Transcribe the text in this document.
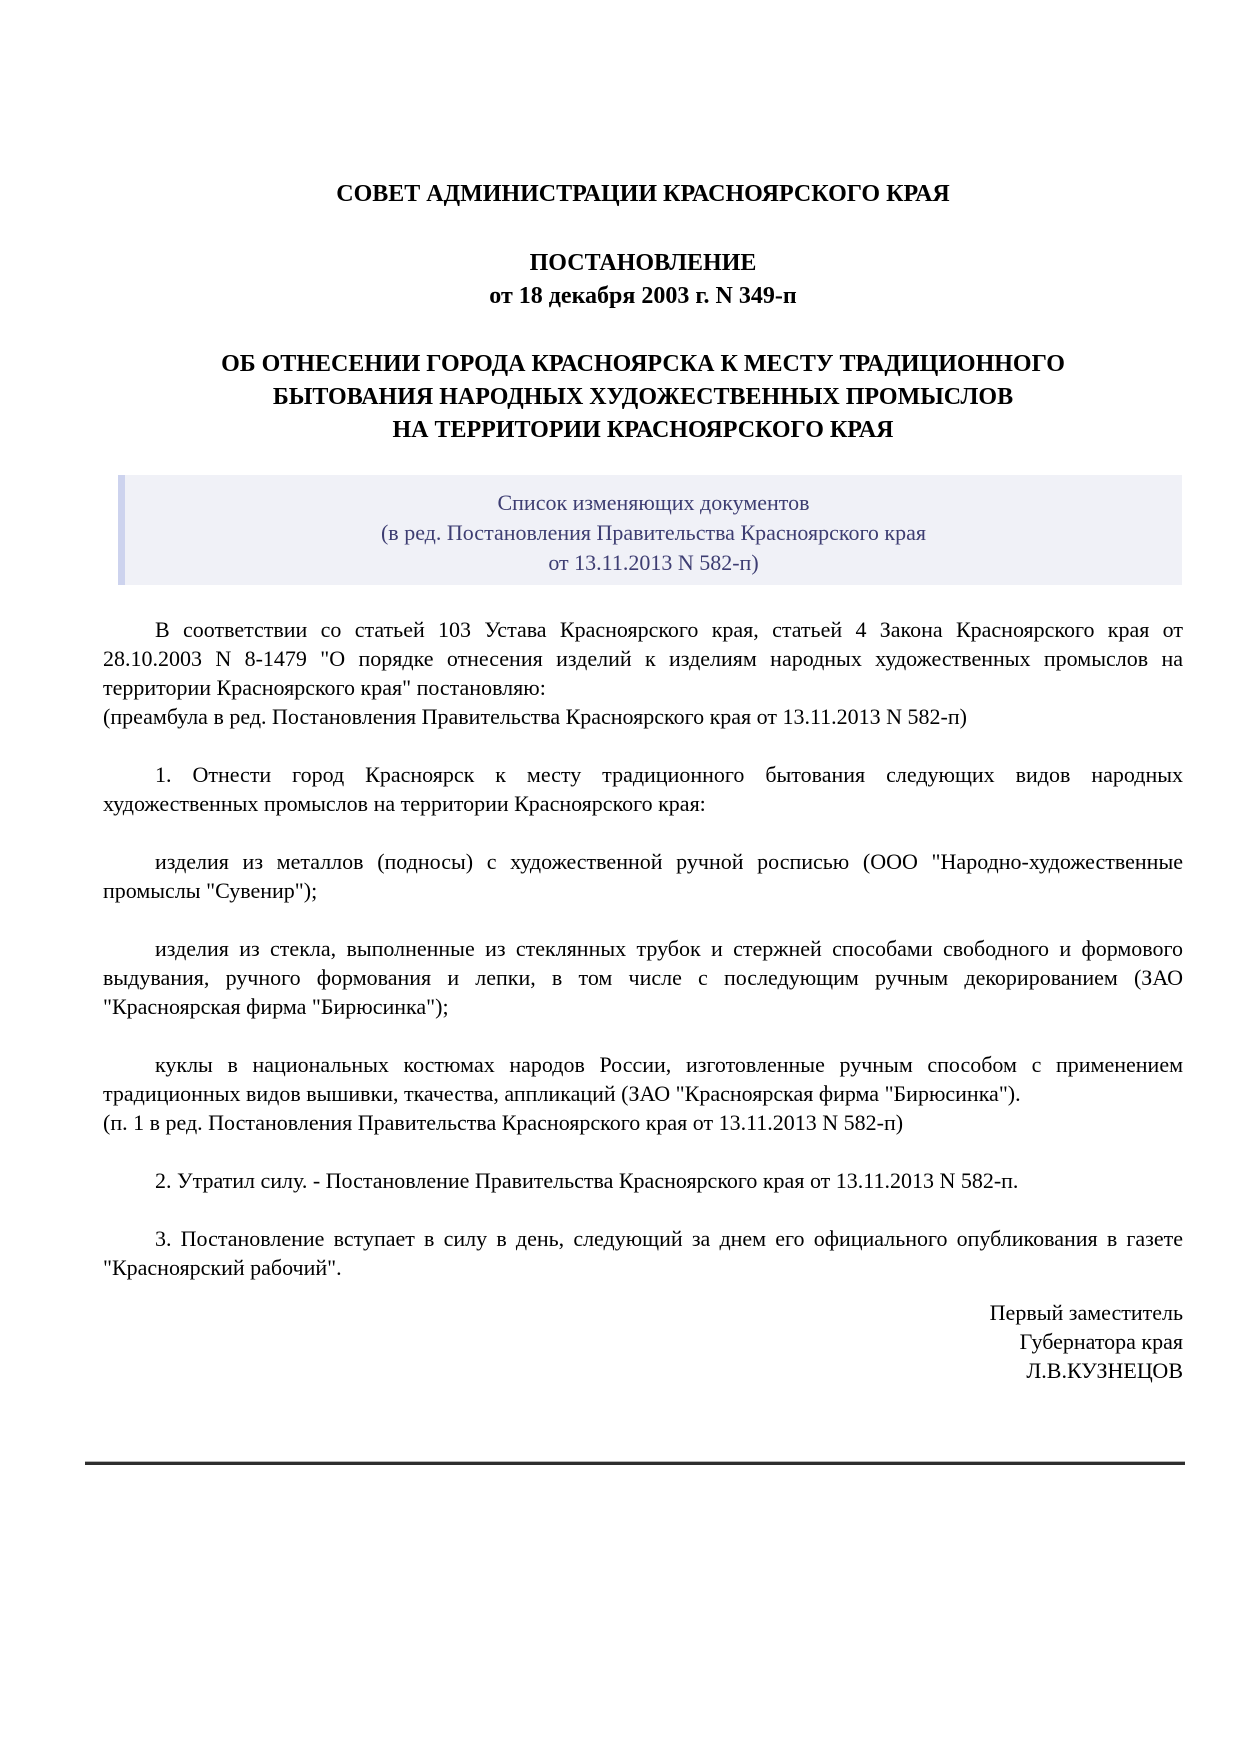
СОВЕТ АДМИНИСТРАЦИИ КРАСНОЯРСКОГО КРАЯ
ПОСТАНОВЛЕНИЕ
от 18 декабря 2003 г. N 349-п
ОБ ОТНЕСЕНИИ ГОРОДА КРАСНОЯРСКА К МЕСТУ ТРАДИЦИОННОГО
БЫТОВАНИЯ НАРОДНЫХ ХУДОЖЕСТВЕННЫХ ПРОМЫСЛОВ
НА ТЕРРИТОРИИ КРАСНОЯРСКОГО КРАЯ
Список изменяющих документов
(в ред. Постановления Правительства Красноярского края
от 13.11.2013 N 582-п)

В соответствии со статьей 103 Устава Красноярского края, статьей 4 Закона Красноярского края от 28.10.2003 N 8-1479 "О порядке отнесения изделий к изделиям народных художественных промыслов на территории Красноярского края" постановляю:

(преамбула в ред. Постановления Правительства Красноярского края от 13.11.2013 N 582-п)

1. Отнести город Красноярск к месту традиционного бытования следующих видов народных художественных промыслов на территории Красноярского края:

изделия из металлов (подносы) с художественной ручной росписью (ООО "Народно-художественные промыслы "Сувенир");

изделия из стекла, выполненные из стеклянных трубок и стержней способами свободного и формового выдувания, ручного формования и лепки, в том числе с последующим ручным декорированием (ЗАО "Красноярская фирма "Бирюсинка");

куклы в национальных костюмах народов России, изготовленные ручным способом с применением традиционных видов вышивки, ткачества, аппликаций (ЗАО "Красноярская фирма "Бирюсинка").

(п. 1 в ред. Постановления Правительства Красноярского края от 13.11.2013 N 582-п)

2. Утратил силу. - Постановление Правительства Красноярского края от 13.11.2013 N 582-п.

3. Постановление вступает в силу в день, следующий за днем его официального опубликования в газете "Красноярский рабочий".

Первый заместитель
Губернатора края
Л.В.КУЗНЕЦОВ
